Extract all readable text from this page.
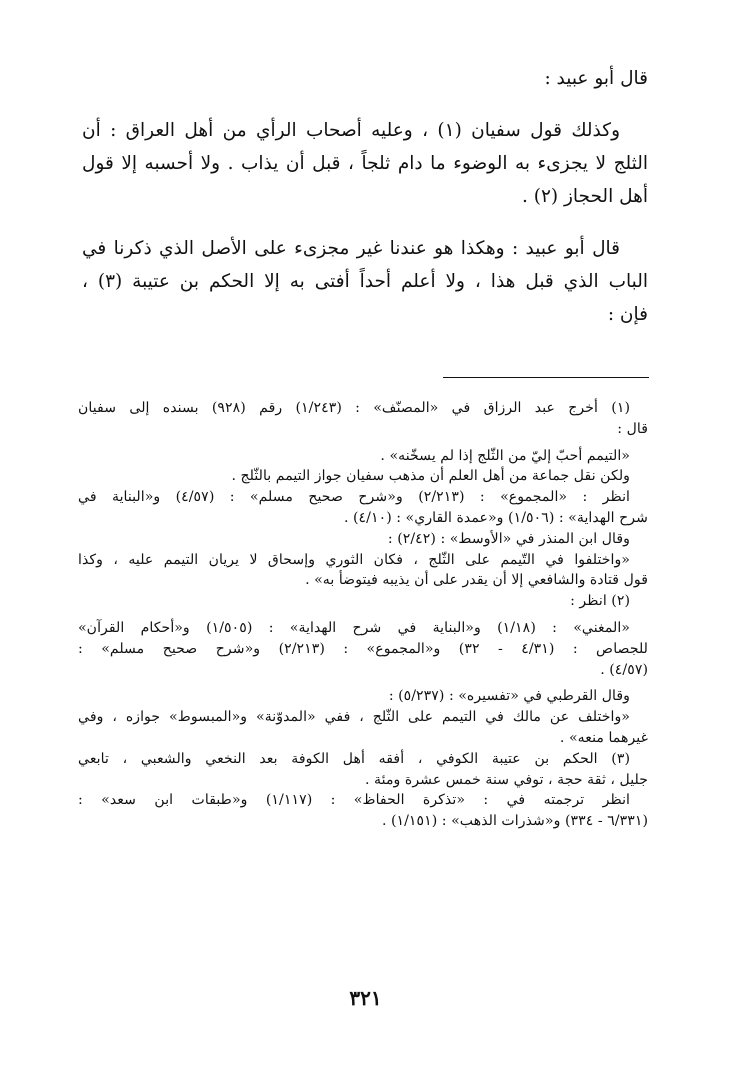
قال أبو عبيد :
وكذلك قول سفيان (١) ، وعليه أصحاب الرأي من أهل العراق : أن
الثلج لا يجزىء به الوضوء ما دام ثلجاً ، قبل أن يذاب . ولا أحسبه إلا قول
أهل الحجاز (٢) .
قال أبو عبيد : وهكذا هو عندنا غير مجزىء على الأصل الذي ذكرنا في
الباب الذي قبل هذا ، ولا أعلم أحداً أفتى به إلا الحكم بن عتيبة (٣) ،
فإن :
(١) أخرج عبد الرزاق في «المصنّف» : (١/٢٤٣) رقم (٩٢٨) بسنده إلى سفيان
قال :
«التيمم أحبّ إليّ من الثّلج إذا لم يسخّنه» .
ولكن نقل جماعة من أهل العلم أن مذهب سفيان جواز التيمم بالثّلج .
انظر : «المجموع» : (٢/٢١٣) و«شرح صحيح مسلم» : (٤/٥٧) و«البناية في
شرح الهداية» : (١/٥٠٦) و«عمدة القاري» : (٤/١٠) .
وقال ابن المنذر في «الأوسط» : (٢/٤٢) :
«واختلفوا في التّيمم على الثّلج ، فكان الثوري وإسحاق لا يريان التيمم عليه ، وكذا
قول قتادة والشافعي إلا أن يقدر على أن يذيبه فيتوضأ به» .
(٢) انظر :
«المغني» : (١/١٨) و«البناية في شرح الهداية» : (١/٥٠٥) و«أحكام القرآن»
للجصاص : (٤/٣١ - ٣٢) و«المجموع» : (٢/٢١٣) و«شرح صحيح مسلم» :
(٤/٥٧) .
وقال القرطبي في «تفسيره» : (٥/٢٣٧) :
«واختلف عن مالك في التيمم على الثّلج ، ففي «المدوّنة» و«المبسوط» جوازه ، وفي
غيرهما منعه» .
(٣) الحكم بن عتيبة الكوفي ، أفقه أهل الكوفة بعد النخعي والشعبي ، تابعي
جليل ، ثقة حجة ، توفي سنة خمس عشرة ومئة .
انظر ترجمته في : «تذكرة الحفاظ» : (١/١١٧) و«طبقات ابن سعد» :
(٦/٣٣١ - ٣٣٤) و«شذرات الذهب» : (١/١٥١) .
٣٢١
